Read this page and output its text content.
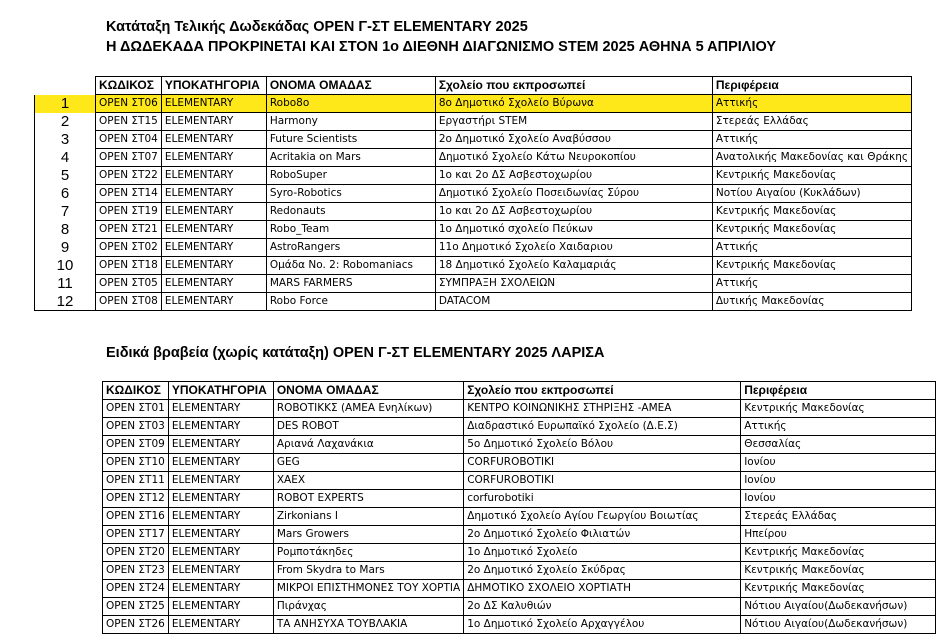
Κατάταξη Τελικής Δωδεκάδας OPEN Γ-ΣΤ ELEMENTARY 2025
Η ΔΩΔΕΚΑΔΑ ΠΡΟΚΡΙΝΕΤΑΙ ΚΑΙ ΣΤΟΝ 1ο ΔΙΕΘΝΗ ΔΙΑΓΩΝΙΣΜΟ STEM 2025 ΑΘΗΝΑ 5 ΑΠΡΙΛΙΟΥ
	ΚΩΔΙΚΟΣ	ΥΠΟΚΑΤΗΓΟΡΙΑ	ΟΝΟΜΑ ΟΜΑΔΑΣ	Σχολείο που εκπροσωπεί	Περιφέρεια
1	OPEN ΣΤ06	ELEMENTARY	Robo8o	8ο Δημοτικό Σχολείο Βύρωνα	Αττικής
2	OPEN ΣΤ15	ELEMENTARY	Harmony	Εργαστήρι STEM	Στερεάς Ελλάδας
3	OPEN ΣΤ04	ELEMENTARY	Future Scientists	2ο Δημοτικό Σχολείο Αναβύσσου	Αττικής
4	OPEN ΣΤ07	ELEMENTARY	Acritakia on Mars	Δημοτικό Σχολείο Κάτω Νευροκοπίου	Ανατολικής Μακεδονίας και Θράκης
5	OPEN ΣΤ22	ELEMENTARY	RoboSuper	1ο και 2ο ΔΣ Ασβεστοχωρίου	Κεντρικής Μακεδονίας
6	OPEN ΣΤ14	ELEMENTARY	Syro-Robotics	Δημοτικό Σχολείο Ποσειδωνίας Σύρου	Νοτίου Αιγαίου (Κυκλάδων)
7	OPEN ΣΤ19	ELEMENTARY	Redonauts	1ο και 2ο ΔΣ Ασβεστοχωρίου	Κεντρικής Μακεδονίας
8	OPEN ΣΤ21	ELEMENTARY	Robo_Team	1ο Δημοτικό σχολείο Πεύκων	Κεντρικής Μακεδονίας
9	OPEN ΣΤ02	ELEMENTARY	AstroRangers	11ο Δημοτικό Σχολείο Χαιδαριου	Αττικής
10	OPEN ΣΤ18	ELEMENTARY	Ομάδα No. 2: Robomaniacs	18 Δημοτικό Σχολείο Καλαμαριάς	Κεντρικής Μακεδονίας
11	OPEN ΣΤ05	ELEMENTARY	MARS FARMERS	ΣΥΜΠΡΑΞΗ ΣΧΟΛΕΙΩΝ	Αττικής
12	OPEN ΣΤ08	ELEMENTARY	Robo Force	DATACOM	Δυτικής Μακεδονίας
Ειδικά βραβεία (χωρίς κατάταξη) OPEN Γ-ΣΤ ELEMENTARY 2025 ΛΑΡΙΣΑ
ΚΩΔΙΚΟΣ	ΥΠΟΚΑΤΗΓΟΡΙΑ	ΟΝΟΜΑ ΟΜΑΔΑΣ	Σχολείο που εκπροσωπεί	Περιφέρεια
OPEN ΣΤ01	ELEMENTARY	ROBOTIΚΚΣ (ΑΜΕΑ Ενηλίκων)	ΚΕΝΤΡΟ ΚΟΙΝΩΝΙΚΗΣ ΣΤΗΡΙΞΗΣ -ΑΜΕΑ	Κεντρικής Μακεδονίας
OPEN ΣΤ03	ELEMENTARY	DES ROBOT	Διαδραστικό Ευρωπαϊκό Σχολείο (Δ.Ε.Σ)	Αττικής
OPEN ΣΤ09	ELEMENTARY	Αριανά Λαχανάκια	5ο Δημοτικό Σχολείο Βόλου	Θεσσαλίας
OPEN ΣΤ10	ELEMENTARY	GEG	CORFUROBOTIKI	Ιονίου
OPEN ΣΤ11	ELEMENTARY	XAEX	CORFUROBOTIKI	Ιονίου
OPEN ΣΤ12	ELEMENTARY	ROBOT EXPERTS	corfurobotiki	Ιονίου
OPEN ΣΤ16	ELEMENTARY	Zirkonians I	Δημοτικό Σχολείο Αγίου Γεωργίου Βοιωτίας	Στερεάς Ελλάδας
OPEN ΣΤ17	ELEMENTARY	Mars Growers	2ο Δημοτικό Σχολείο Φιλιατών	Ηπείρου
OPEN ΣΤ20	ELEMENTARY	Ρομποτάκηδες	1ο Δημοτικό Σχολείο	Κεντρικής Μακεδονίας
OPEN ΣΤ23	ELEMENTARY	From Skydra to Mars	2ο Δημοτικό Σχολείο Σκύδρας	Κεντρικής Μακεδονίας
OPEN ΣΤ24	ELEMENTARY	ΜΙΚΡΟΙ ΕΠΙΣΤΗΜΟΝΕΣ ΤΟΥ ΧΟΡΤΙΑ	ΔΗΜΟΤΙΚΟ ΣΧΟΛΕΙΟ ΧΟΡΤΙΑΤΗ	Κεντρικής Μακεδονίας
OPEN ΣΤ25	ELEMENTARY	Πιράνχας	2ο ΔΣ Καλυθιών	Νότιου Αιγαίου(Δωδεκανήσων)
OPEN ΣΤ26	ELEMENTARY	ΤΑ ΑΝΗΣΥΧΑ ΤΟΥΒΛΑΚΙΑ	1ο Δημοτικό Σχολείο Αρχαγγέλου	Νότιου Αιγαίου(Δωδεκανήσων)
